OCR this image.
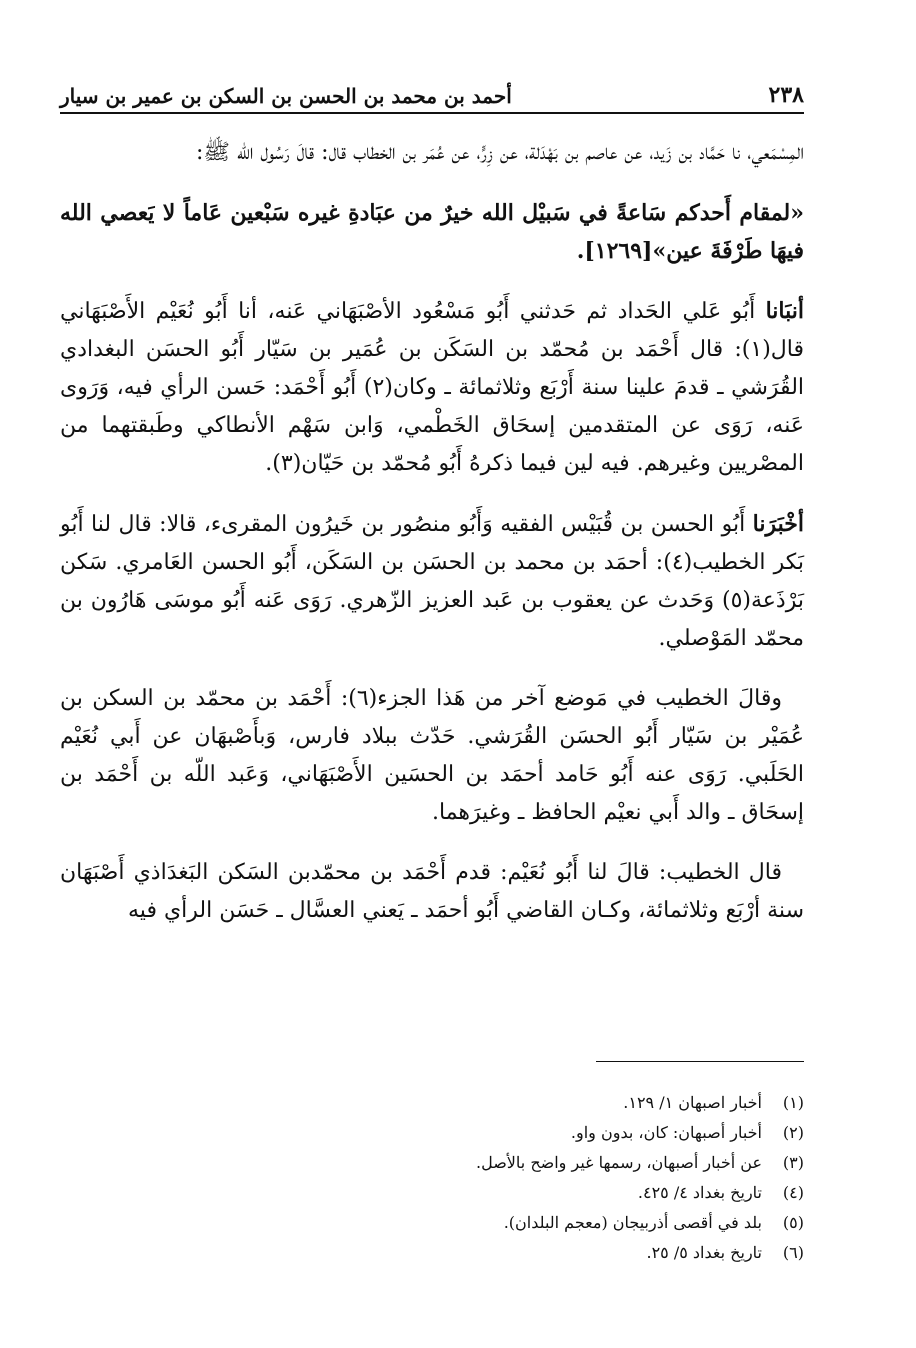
٢٣٨
أحمد بن محمد بن الحسن بن السكن بن عمير بن سيار

المِسْمَعي، نا حَمَّاد بن زَيد، عن عاصم بن بَهْدَلة، عن زِرٍّ، عن عُمَر بن الخطاب قال: قالَ رَسُول الله ﷺ:

«لمقام أَحدكم سَاعةً في سَبيْل الله خيرٌ من عبَادةِ غيره سَبْعين عَاماً لا يَعصي الله فيهَا طَرْفَةَ عين»[١٢٦٩].

أنبَانا أَبُو عَلي الحَداد ثم حَدثني أَبُو مَسْعُود الأصْبَهَاني عَنه، أنا أَبُو نُعَيْم الأَصْبَهَاني قال(١): قال أَحْمَد بن مُحمّد بن السَكَن بن عُمَير بن سَيّار أَبُو الحسَن البغدادي القُرَشي ـ قدمَ علينا سنة أَرْبَع وثلاثمائة ـ وكان(٢) أَبُو أَحْمَد: حَسن الرأي فيه، وَرَوى عَنه، رَوَى عن المتقدمين إسحَاق الخَطْمي، وَابن سَهْم الأنطاكي وطَبقتهما من المصْريين وغيرهم. فيه لين فيما ذكرهُ أَبُو مُحمّد بن حَيّان(٣).

أخْبَرَنا أَبُو الحسن بن قُبَيْس الفقيه وَأَبُو منصُور بن خَيرُون المقرىء، قالا: قال لنا أَبُو بَكر الخطيب(٤): أحمَد بن محمد بن الحسَن بن السَكَن، أَبُو الحسن العَامري. سَكن بَرْذَعة(٥) وَحَدث عن يعقوب بن عَبد العزيز الزّهري. رَوَى عَنه أَبُو موسَى هَارُون بن محمّد المَوْصلي.

وقالَ الخطيب في مَوضع آخر من هَذا الجزء(٦): أَحْمَد بن محمّد بن السكن بن عُمَيْر بن سَيّار أَبُو الحسَن القُرَشي. حَدّث ببلاد فارس، وَبأَصْبهَان عن أَبي نُعَيْم الحَلَبي. رَوَى عنه أَبُو حَامد أحمَد بن الحسَين الأَصْبَهَاني، وَعَبد اللّه بن أَحْمَد بن إسحَاق ـ والد أَبي نعيْم الحافظ ـ وغيرَهما.

قال الخطيب: قالَ لنا أَبُو نُعَيْم: قدم أَحْمَد بن محمّدبن السَكن البَغدَاذي أَصْبَهَان سنة أرْبَع وثلاثمائة، وكـان القاضي أَبُو أحمَد ـ يَعني العسَّال ـ حَسَن الرأي فيه

(١)
أخبار اصبهان ١/ ١٢٩.
(٢)
أخبار أصبهان: كان، بدون واو.
(٣)
عن أخبار أصبهان، رسمها غير واضح بالأصل.
(٤)
تاريخ بغداد ٤/ ٤٢٥.
(٥)
بلد في أقصى أذربيجان (معجم البلدان).
(٦)
تاريخ بغداد ٥/ ٢٥.
